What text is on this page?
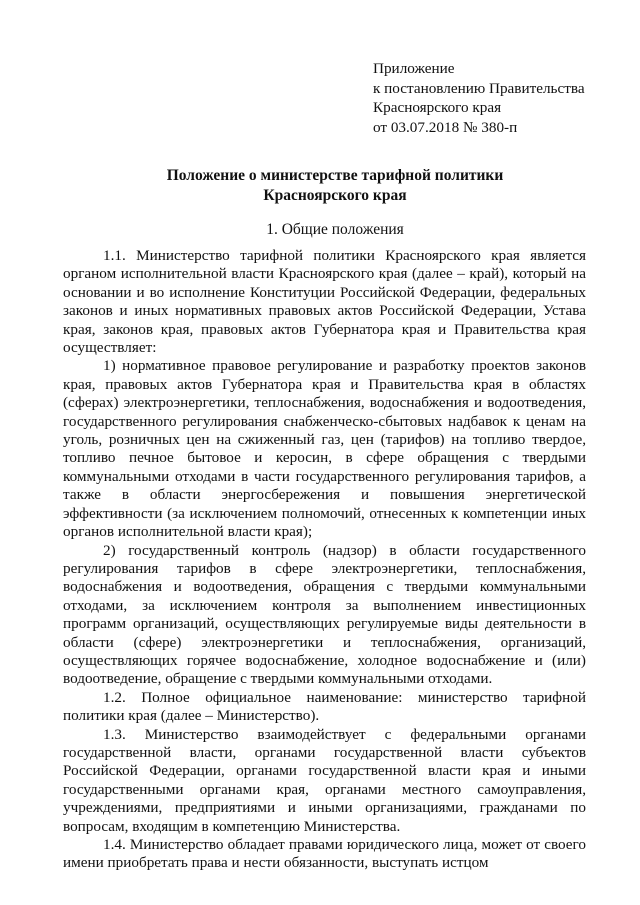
Приложение
к постановлению Правительства
Красноярского края
от 03.07.2018 № 380-п
Положение о министерстве тарифной политики
Красноярского края
1. Общие положения

1.1. Министерство тарифной политики Красноярского края является органом исполнительной власти Красноярского края (далее – край), который на основании и во исполнение Конституции Российской Федерации, федеральных законов и иных нормативных правовых актов Российской Федерации, Устава края, законов края, правовых актов Губернатора края и Правительства края осуществляет:

1) нормативное правовое регулирование и разработку проектов законов края, правовых актов Губернатора края и Правительства края в областях (сферах) электроэнергетики, теплоснабжения, водоснабжения и водоотведения, государственного регулирования снабженческо-сбытовых надбавок к ценам на уголь, розничных цен на сжиженный газ, цен (тарифов) на топливо твердое, топливо печное бытовое и керосин, в сфере обращения с твердыми коммунальными отходами в части государственного регулирования тарифов, а также в области энергосбережения и повышения энергетической эффективности (за исключением полномочий, отнесенных к компетенции иных органов исполнительной власти края);

2) государственный контроль (надзор) в области государственного регулирования тарифов в сфере электроэнергетики, теплоснабжения, водоснабжения и водоотведения, обращения с твердыми коммунальными отходами, за исключением контроля за выполнением инвестиционных программ организаций, осуществляющих регулируемые виды деятельности в области (сфере) электроэнергетики и теплоснабжения, организаций, осуществляющих горячее водоснабжение, холодное водоснабжение и (или) водоотведение, обращение с твердыми коммунальными отходами.

1.2. Полное официальное наименование: министерство тарифной политики края (далее – Министерство).

1.3. Министерство взаимодействует с федеральными органами государственной власти, органами государственной власти субъектов Российской Федерации, органами государственной власти края и иными государственными органами края, органами местного самоуправления, учреждениями, предприятиями и иными организациями, гражданами по вопросам, входящим в компетенцию Министерства.

1.4. Министерство обладает правами юридического лица, может от своего имени приобретать права и нести обязанности, выступать истцом
